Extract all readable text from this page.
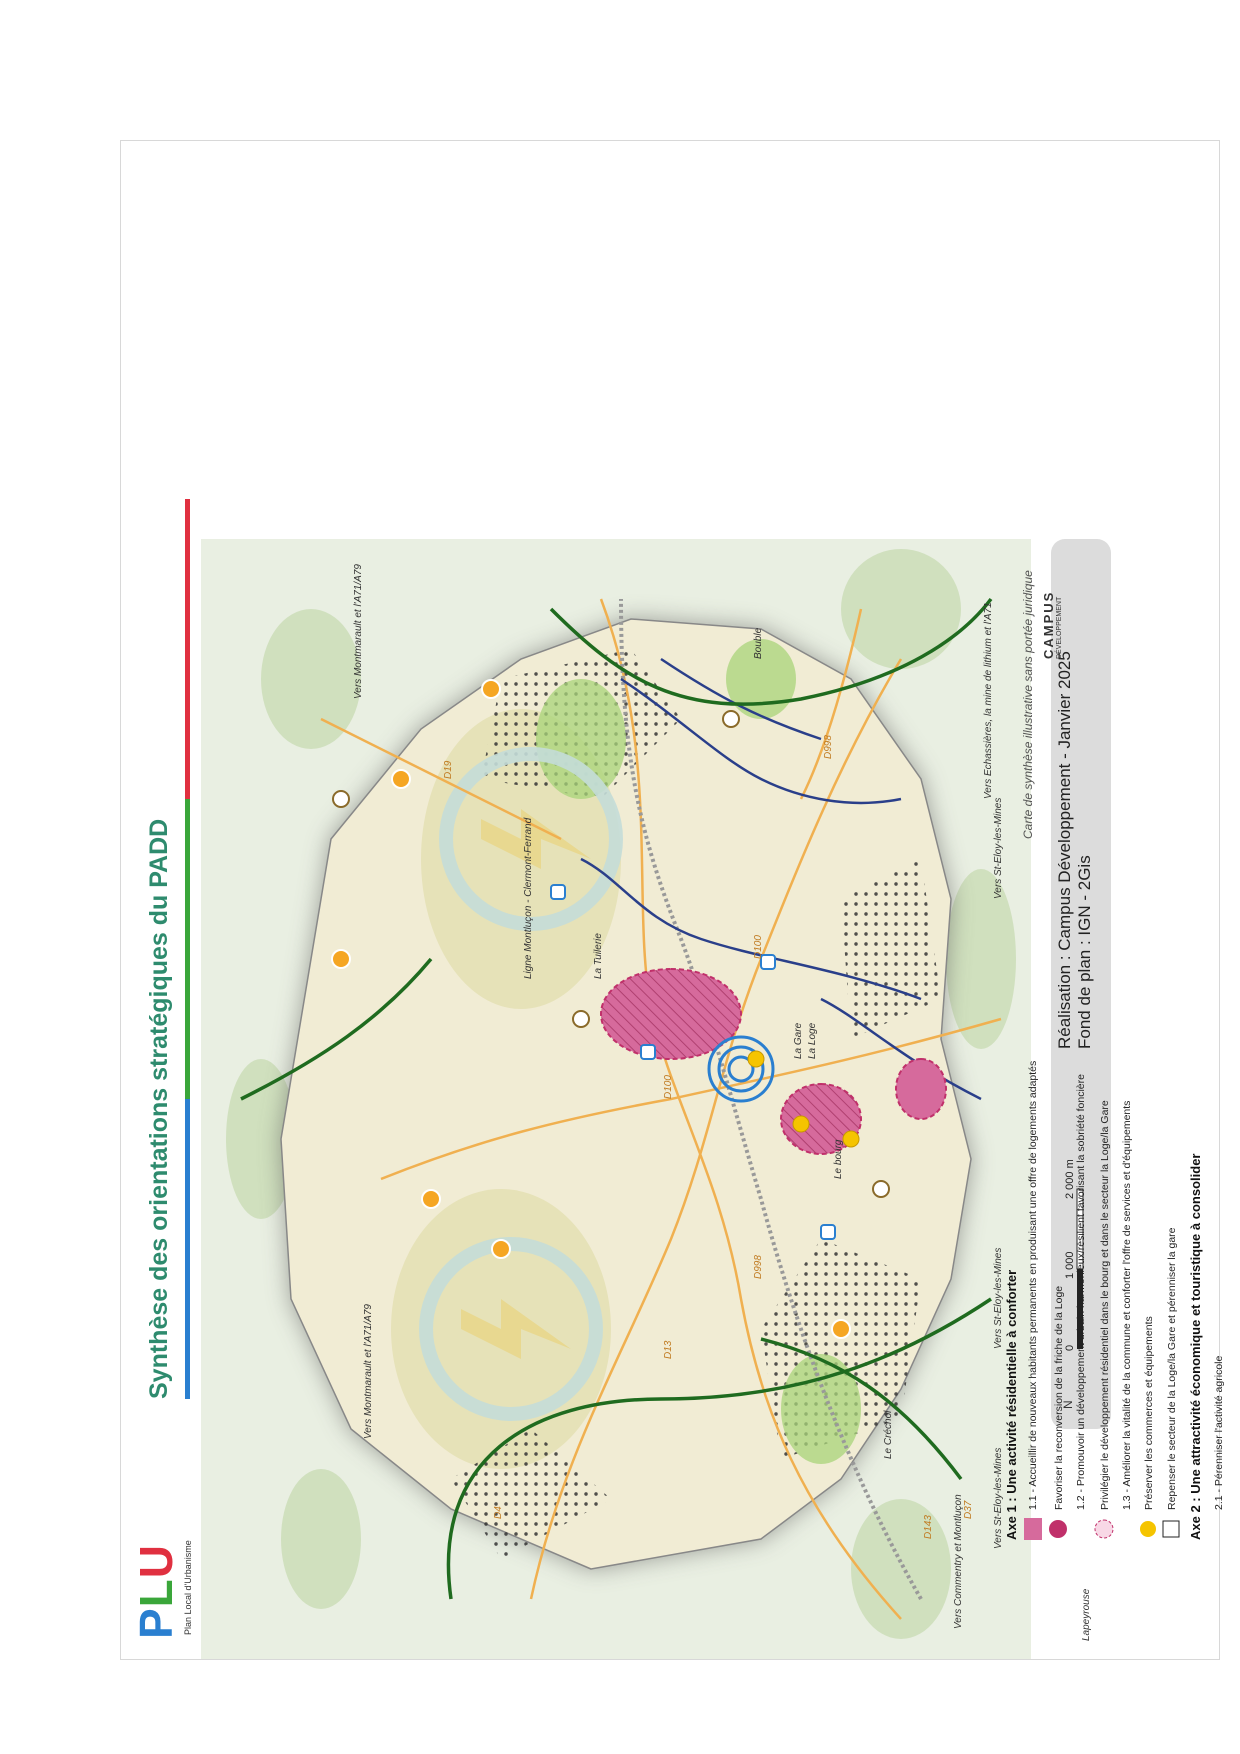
PLU Plan Local d'Urbanisme
Synthèse des orientations stratégiques du PADD	Vers Montmarault et l'A71/A79
Vers Montmarault et l'A71/A79
Ligne Montluçon - Clermont-Ferrand
Vers Commentry et Montluçon	Vers St-Eloy-les-Mines
Vers St-Eloy-les-Mines
Vers St-Eloy-les-Mines
Vers Echassières, la mine de lithium et l'A71
Le Créchol
Le bourg
La Gare La Loge
La Tuilerie
Bouble
D4
D100
D100
D19
D998
D998
D13
D143
D37
Carte de synthèse illustrative sans portée juridique
N
0
1 000
2 000 m
Réalisation : Campus Développement - Janvier 2025 Fond de plan : IGN - 2Gis
CAMPUS DÉVELOPPEMENT
Lapeyrouse
Axe 1 : Une activité résidentielle à conforter 1.1 - Accueillir de nouveaux habitants permanents en produisant une offre de logements adaptés Favoriser la reconversion de la friche de la Loge 1.2 - Promouvoir un développement urbain harmonieux/résilient favorisant la sobriété foncière Privilégier le développement résidentiel dans le bourg et dans le secteur la Loge/la Gare 1.3 - Améliorer la vitalité de la commune et conforter l'offre de services et d'équipements Préserver les commerces et équipements Repenser le secteur de la Loge/la Gare et pérenniser la gare Axe 2 : Une attractivité économique et touristique à consolider 2.1 - Pérenniser l'activité agricole
